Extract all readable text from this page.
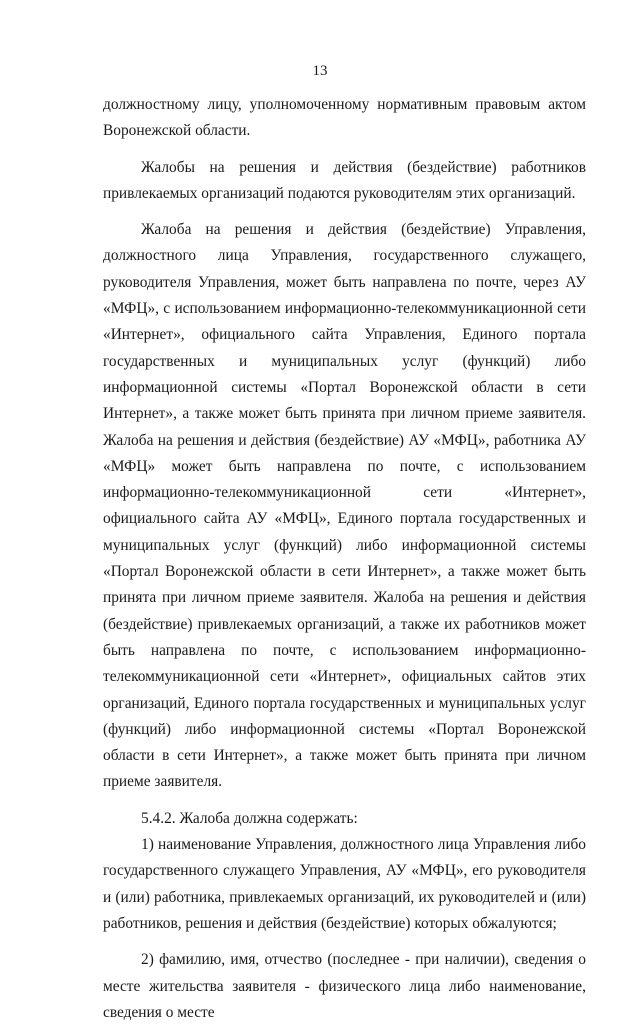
13

должностному лицу, уполномоченному нормативным правовым актом Воронежской области.

Жалобы на решения и действия (бездействие) работников привлекаемых организаций подаются руководителям этих организаций.

Жалоба на решения и действия (бездействие) Управления, должностного лица Управления, государственного служащего, руководителя Управления, может быть направлена по почте, через АУ «МФЦ», с использованием информационно-телекоммуникационной сети «Интернет», официального сайта Управления, Единого портала государственных и муниципальных услуг (функций) либо информационной системы «Портал Воронежской области в сети Интернет», а также может быть принята при личном приеме заявителя. Жалоба на решения и действия (бездействие) АУ «МФЦ», работника АУ «МФЦ» может быть направлена по почте, с использованием информационно-телекоммуникационной сети «Интернет», официального сайта АУ «МФЦ», Единого портала государственных и муниципальных услуг (функций) либо информационной системы «Портал Воронежской области в сети Интернет», а также может быть принята при личном приеме заявителя. Жалоба на решения и действия (бездействие) привлекаемых организаций, а также их работников может быть направлена по почте, с использованием информационно-телекоммуникационной сети «Интернет», официальных сайтов этих организаций, Единого портала государственных и муниципальных услуг (функций) либо информационной системы «Портал Воронежской области в сети Интернет», а также может быть принята при личном приеме заявителя.

5.4.2. Жалоба должна содержать:

1) наименование Управления, должностного лица Управления либо государственного служащего Управления, АУ «МФЦ», его руководителя и (или) работника, привлекаемых организаций, их руководителей и (или) работников, решения и действия (бездействие) которых обжалуются;

2) фамилию, имя, отчество (последнее - при наличии), сведения о месте жительства заявителя - физического лица либо наименование, сведения о месте
